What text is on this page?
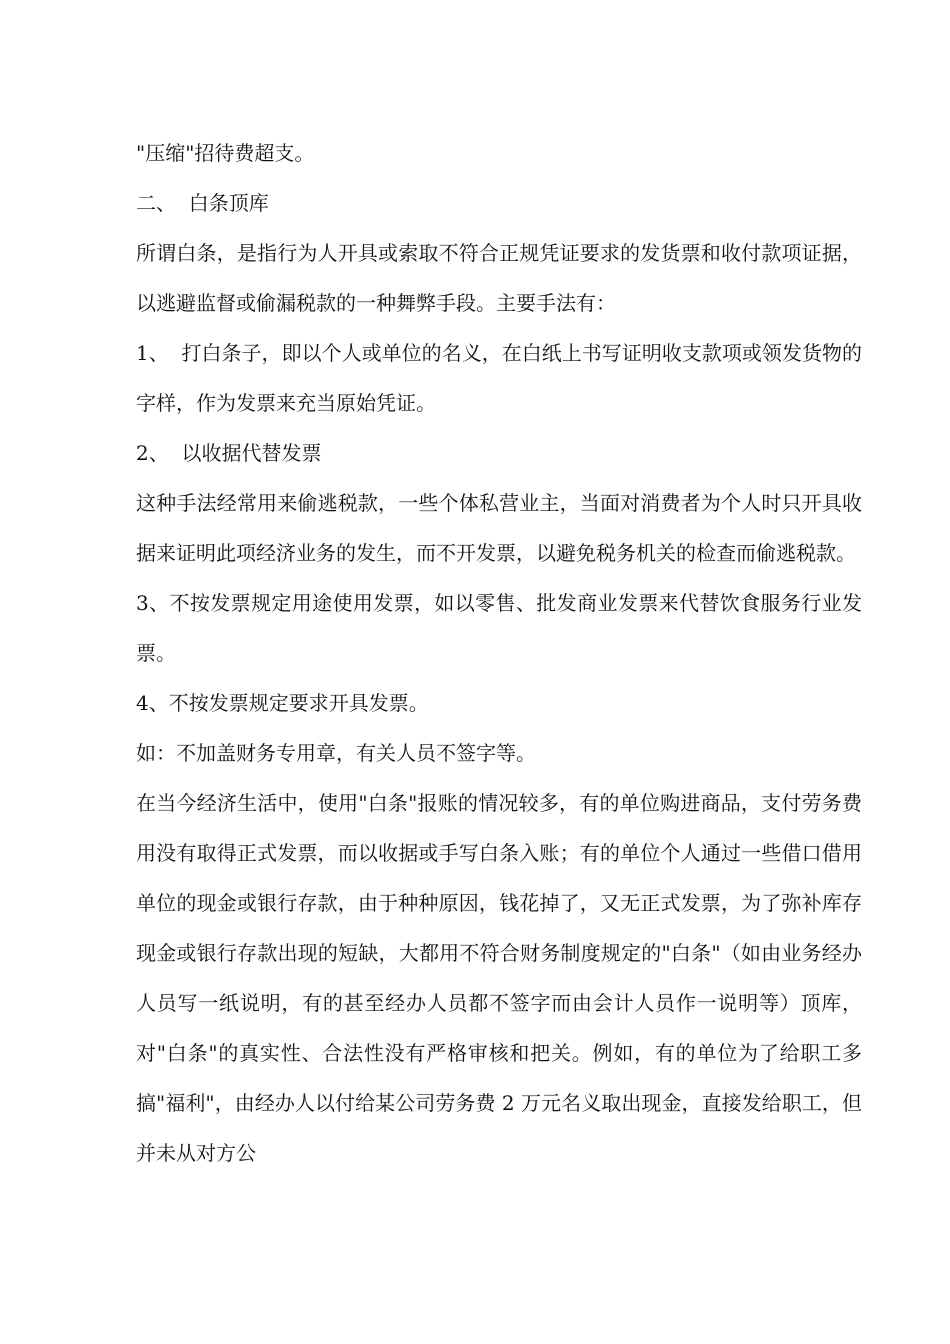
"压缩"招待费超支。

二、  白条顶库

所谓白条，是指行为人开具或索取不符合正规凭证要求的发货票和收付款项证据，以逃避监督或偷漏税款的一种舞弊手段。主要手法有：

1、  打白条子，即以个人或单位的名义，在白纸上书写证明收支款项或领发货物的字样，作为发票来充当原始凭证。

2、  以收据代替发票

这种手法经常用来偷逃税款，一些个体私营业主，当面对消费者为个人时只开具收据来证明此项经济业务的发生，而不开发票，以避免税务机关的检查而偷逃税款。

3、不按发票规定用途使用发票，如以零售、批发商业发票来代替饮食服务行业发票。

4、不按发票规定要求开具发票。

如：不加盖财务专用章，有关人员不签字等。

在当今经济生活中，使用"白条"报账的情况较多，有的单位购进商品，支付劳务费用没有取得正式发票，而以收据或手写白条入账；有的单位个人通过一些借口借用单位的现金或银行存款，由于种种原因，钱花掉了，又无正式发票，为了弥补库存现金或银行存款出现的短缺，大都用不符合财务制度规定的"白条"（如由业务经办人员写一纸说明，有的甚至经办人员都不签字而由会计人员作一说明等）顶库，对"白条"的真实性、合法性没有严格审核和把关。例如，有的单位为了给职工多搞"福利"，由经办人以付给某公司劳务费 2 万元名义取出现金，直接发给职工，但并未从对方公
